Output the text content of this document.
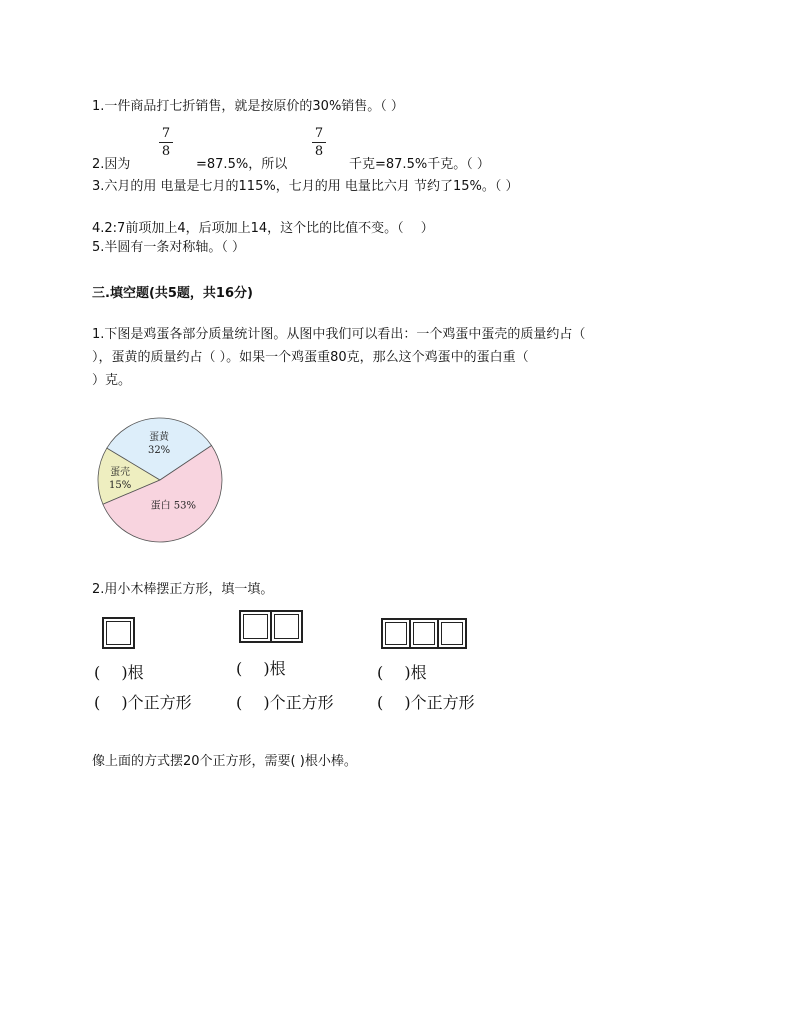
1.一件商品打七折销售，就是按原价的30%销售。（ ）
7
8
7
8
2.因为	=87.5%，所以	千克=87.5%千克。（ ）
3.六月的用 电量是七月的115%，七月的用 电量比六月 节约了15%。（ ）
4.2:7前项加上4，后项加上14，这个比的比值不变。（　 ）
5.半圆有一条对称轴。（ ）
三.填空题(共5题，共16分)
1.下图是鸡蛋各部分质量统计图。从图中我们可以看出：一个鸡蛋中蛋壳的质量约占（
），蛋黄的质量约占（ ）。如果一个鸡蛋重80克，那么这个鸡蛋中的蛋白重（
）克。
蛋壳
15%
蛋黄
32%
蛋白 53%
2.用小木棒摆正方形，填一填。
(　 )根	(　 )根	(　 )根
(　 )个正方形	(　 )个正方形	(　 )个正方形
像上面的方式摆20个正方形，需要( )根小棒。
